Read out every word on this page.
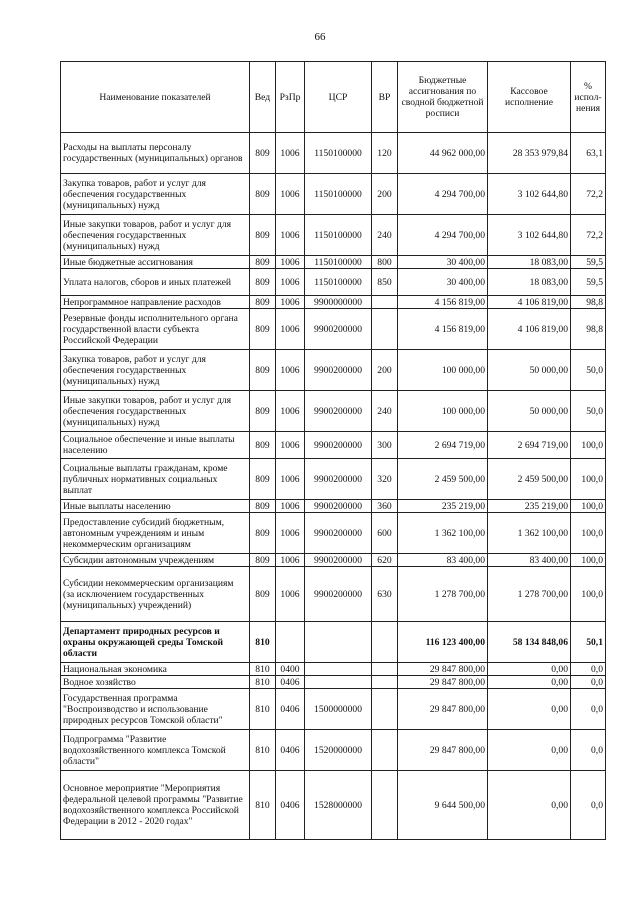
66
Наименование показателей	Вед	РзПр	ЦСР	ВР	Бюджетные ассигнования по сводной бюджетной росписи	Кассовое исполнение	% испол-нения
Расходы на выплаты персоналу государственных (муниципальных) органов	809	1006	1150100000	120	44 962 000,00	28 353 979,84	63,1
Закупка товаров, работ и услуг для обеспечения государственных (муниципальных) нужд	809	1006	1150100000	200	4 294 700,00	3 102 644,80	72,2
Иные закупки товаров, работ и услуг для обеспечения государственных (муниципальных) нужд	809	1006	1150100000	240	4 294 700,00	3 102 644,80	72,2
Иные бюджетные ассигнования	809	1006	1150100000	800	30 400,00	18 083,00	59,5
Уплата налогов, сборов и иных платежей	809	1006	1150100000	850	30 400,00	18 083,00	59,5
Непрограммное направление расходов	809	1006	9900000000		4 156 819,00	4 106 819,00	98,8
Резервные фонды исполнительного органа государственной власти субъекта Российской Федерации	809	1006	9900200000		4 156 819,00	4 106 819,00	98,8
Закупка товаров, работ и услуг для обеспечения государственных (муниципальных) нужд	809	1006	9900200000	200	100 000,00	50 000,00	50,0
Иные закупки товаров, работ и услуг для обеспечения государственных (муниципальных) нужд	809	1006	9900200000	240	100 000,00	50 000,00	50,0
Социальное обеспечение и иные выплаты населению	809	1006	9900200000	300	2 694 719,00	2 694 719,00	100,0
Социальные выплаты гражданам, кроме публичных нормативных социальных выплат	809	1006	9900200000	320	2 459 500,00	2 459 500,00	100,0
Иные выплаты населению	809	1006	9900200000	360	235 219,00	235 219,00	100,0
Предоставление субсидий бюджетным, автономным учреждениям и иным некоммерческим организациям	809	1006	9900200000	600	1 362 100,00	1 362 100,00	100,0
Субсидии автономным учреждениям	809	1006	9900200000	620	83 400,00	83 400,00	100,0
Субсидии некоммерческим организациям (за исключением государственных (муниципальных) учреждений)	809	1006	9900200000	630	1 278 700,00	1 278 700,00	100,0
Департамент природных ресурсов и охраны окружающей среды Томской области	810				116 123 400,00	58 134 848,06	50,1
Национальная экономика	810	0400			29 847 800,00	0,00	0,0
Водное хозяйство	810	0406			29 847 800,00	0,00	0,0
Государственная программа "Воспроизводство и использование природных ресурсов Томской области"	810	0406	1500000000		29 847 800,00	0,00	0,0
Подпрограмма "Развитие водохозяйственного комплекса Томской области"	810	0406	1520000000		29 847 800,00	0,00	0,0
Основное мероприятие "Мероприятия федеральной целевой программы "Развитие водохозяйственного комплекса Российской Федерации в 2012 - 2020 годах"	810	0406	1528000000		9 644 500,00	0,00	0,0
